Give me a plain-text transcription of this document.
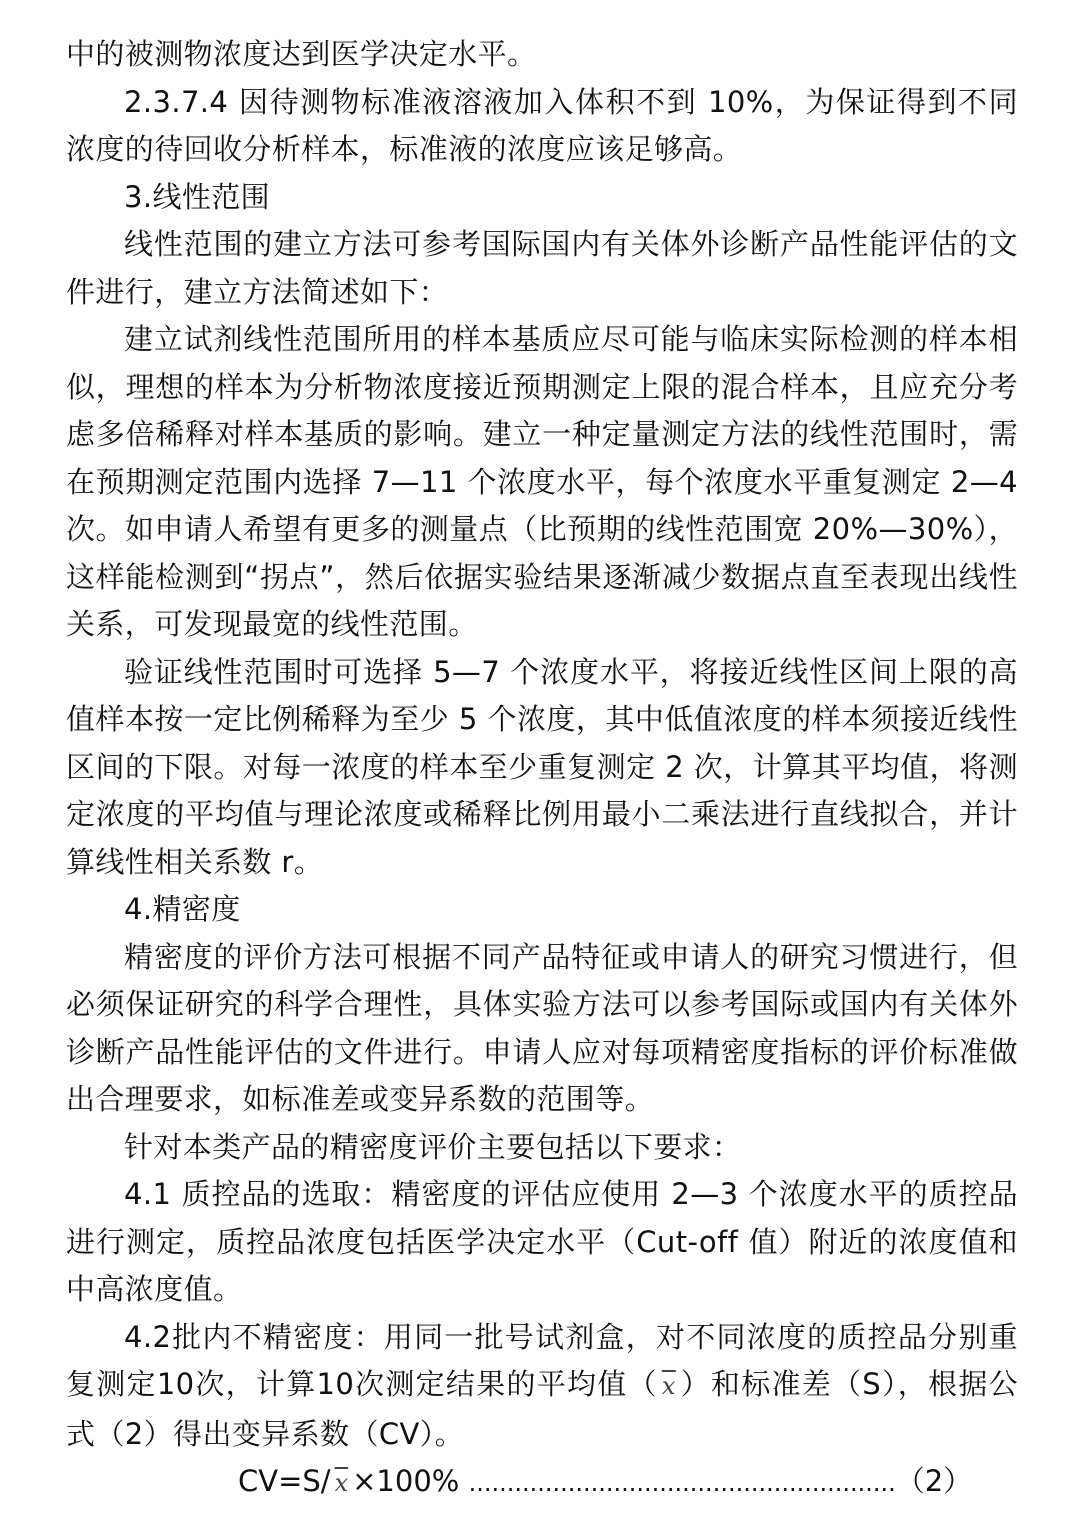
中的被测物浓度达到医学决定水平。

2.3.7.4 因待测物标准液溶液加入体积不到 10%，为保证得到不同浓度的待回收分析样本，标准液的浓度应该足够高。

3.线性范围

线性范围的建立方法可参考国际国内有关体外诊断产品性能评估的文件进行，建立方法简述如下：

建立试剂线性范围所用的样本基质应尽可能与临床实际检测的样本相似，理想的样本为分析物浓度接近预期测定上限的混合样本，且应充分考虑多倍稀释对样本基质的影响。建立一种定量测定方法的线性范围时，需在预期测定范围内选择 7—11 个浓度水平，每个浓度水平重复测定 2—4 次。如申请人希望有更多的测量点（比预期的线性范围宽 20%—30%），这样能检测到“拐点”，然后依据实验结果逐渐减少数据点直至表现出线性关系，可发现最宽的线性范围。

验证线性范围时可选择 5—7 个浓度水平，将接近线性区间上限的高值样本按一定比例稀释为至少 5 个浓度，其中低值浓度的样本须接近线性区间的下限。对每一浓度的样本至少重复测定 2 次，计算其平均值，将测定浓度的平均值与理论浓度或稀释比例用最小二乘法进行直线拟合，并计算线性相关系数 r。

4.精密度

精密度的评价方法可根据不同产品特征或申请人的研究习惯进行，但必须保证研究的科学合理性，具体实验方法可以参考国际或国内有关体外诊断产品性能评估的文件进行。申请人应对每项精密度指标的评价标准做出合理要求，如标准差或变异系数的范围等。

针对本类产品的精密度评价主要包括以下要求：

4.1 质控品的选取：精密度的评估应使用 2—3 个浓度水平的质控品进行测定，质控品浓度包括医学决定水平（Cut-off 值）附近的浓度值和中高浓度值。

4.2批内不精密度：用同一批号试剂盒，对不同浓度的质控品分别重复测定10次，计算10次测定结果的平均值（ $\overline{x}$ ）和标准差（S），根据公式（2）得出变异系数（CV）。

CV=S/ $\overline{x} \times 100\%$ ........................................................（2）
